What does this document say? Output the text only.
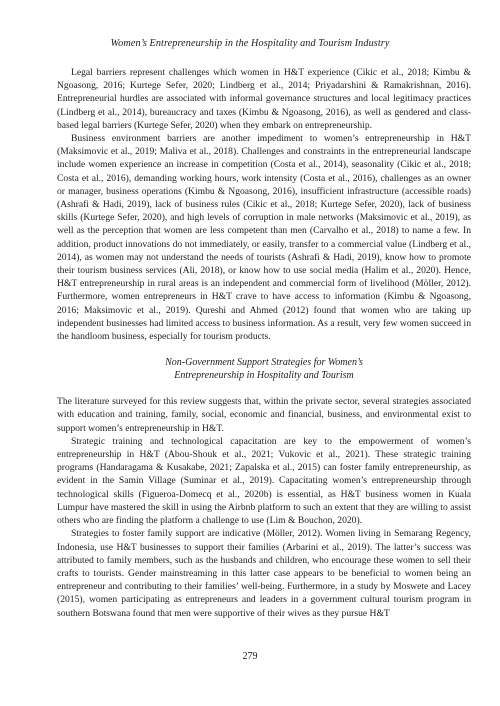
Women’s Entrepreneurship in the Hospitality and Tourism Industry

Legal barriers represent challenges which women in H&T experience (Cikic et al., 2018; Kimbu & Ngoasong, 2016; Kurtege Sefer, 2020; Lindberg et al., 2014; Priyadarshini & Ramakrishnan, 2016). Entrepreneurial hurdles are associated with informal governance structures and local legitimacy practices (Lindberg et al., 2014), bureaucracy and taxes (Kimbu & Ngoasong, 2016), as well as gendered and class-based legal barriers (Kurtege Sefer, 2020) when they embark on entrepreneurship.

Business environment barriers are another impediment to women’s entrepreneurship in H&T (Maksimovic et al., 2019; Maliva et al., 2018). Challenges and constraints in the entrepreneurial landscape include women experience an increase in competition (Costa et al., 2014), seasonality (Cikic et al., 2018; Costa et al., 2016), demanding working hours, work intensity (Costa et al., 2016), challenges as an owner or manager, business operations (Kimbu & Ngoasong, 2016), insufficient infrastructure (accessible roads) (Ashrafi & Hadi, 2019), lack of business rules (Cikic et al., 2018; Kurtege Sefer, 2020), lack of business skills (Kurtege Sefer, 2020), and high levels of corruption in male networks (Maksimovic et al., 2019), as well as the perception that women are less competent than men (Carvalho et al., 2018) to name a few. In addition, product innovations do not immediately, or easily, transfer to a commercial value (Lindberg et al., 2014), as women may not understand the needs of tourists (Ashrafi & Hadi, 2019), know how to promote their tourism business services (Ali, 2018), or know how to use social media (Halim et al., 2020). Hence, H&T entrepreneurship in rural areas is an independent and commercial form of livelihood (Möller, 2012). Furthermore, women entrepreneurs in H&T crave to have access to information (Kimbu & Ngoasong, 2016; Maksimovic et al., 2019). Qureshi and Ahmed (2012) found that women who are taking up independent businesses had limited access to business information. As a result, very few women succeed in the handloom business, especially for tourism products.

Non-Government Support Strategies for Women’s
Entrepreneurship in Hospitality and Tourism

The literature surveyed for this review suggests that, within the private sector, several strategies associated with education and training, family, social, economic and financial, business, and environmental exist to support women’s entrepreneurship in H&T.

Strategic training and technological capacitation are key to the empowerment of women’s entrepreneurship in H&T (Abou-Shouk et al., 2021; Vukovic et al., 2021). These strategic training programs (Handaragama & Kusakabe, 2021; Zapalska et al., 2015) can foster family entrepreneurship, as evident in the Samin Village (Suminar et al., 2019). Capacitating women’s entrepreneurship through technological skills (Figueroa-Domecq et al., 2020b) is essential, as H&T business women in Kuala Lumpur have mastered the skill in using the Airbnb platform to such an extent that they are willing to assist others who are finding the platform a challenge to use (Lim & Bouchon, 2020).

Strategies to foster family support are indicative (Möller, 2012). Women living in Semarang Regency, Indonesia, use H&T businesses to support their families (Arbarini et al., 2019). The latter’s success was attributed to family members, such as the husbands and children, who encourage these women to sell their crafts to tourists. Gender mainstreaming in this latter case appears to be beneficial to women being an entrepreneur and contributing to their families’ well-being. Furthermore, in a study by Moswete and Lacey (2015), women participating as entrepreneurs and leaders in a government cultural tourism program in southern Botswana found that men were supportive of their wives as they pursue H&T

279
